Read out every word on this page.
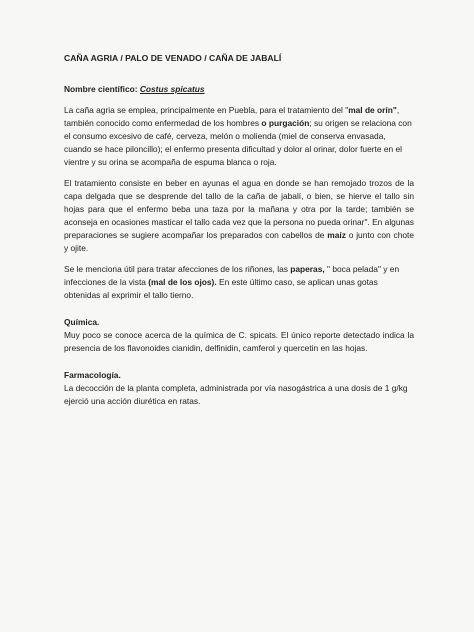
CAÑA AGRIA / PALO DE VENADO / CAÑA DE JABALÍ
Nombre científico: Costus spicatus

La caña agria se emplea, principalmente en Puebla, para el tratamiento del "mal de orín", también conocido como enfermedad de los hombres o purgación; su origen se relaciona con el consumo excesivo de café, cerveza, melón o molienda (miel de conserva envasada, cuando se hace piloncillo); el enfermo presenta dificultad y dolor al orinar, dolor fuerte en el vientre y su orina se acompaña de espuma blanca o roja.

El tratamiento consiste en beber en ayunas el agua en donde se han remojado trozos de la capa delgada que se desprende del tallo de la caña de jabalí, o bien, se hierve el tallo sin hojas para que el enfermo beba una taza por la mañana y otra por la tarde; también se aconseja en ocasiones masticar el tallo cada vez que la persona no pueda orinar". En algunas preparaciones se sugiere acompañar los preparados con cabellos de maíz o junto con chote y ojite.

Se le menciona útil para tratar afecciones de los riñones, las paperas, " boca pelada" y en infecciones de la vista (mal de los ojos). En este último caso, se aplican unas gotas obtenidas al exprimir el tallo tierno.

Química.

Muy poco se conoce acerca de la química de C. spicats. El único reporte detectado indica la presencia de los flavonoides cianidin, delfinidin, camferol y quercetin en las hojas.

Farmacología.

La decocción de la planta completa, administrada por vía nasogástrica a una dosis de 1 g/kg ejerció una acción diurética en ratas.
